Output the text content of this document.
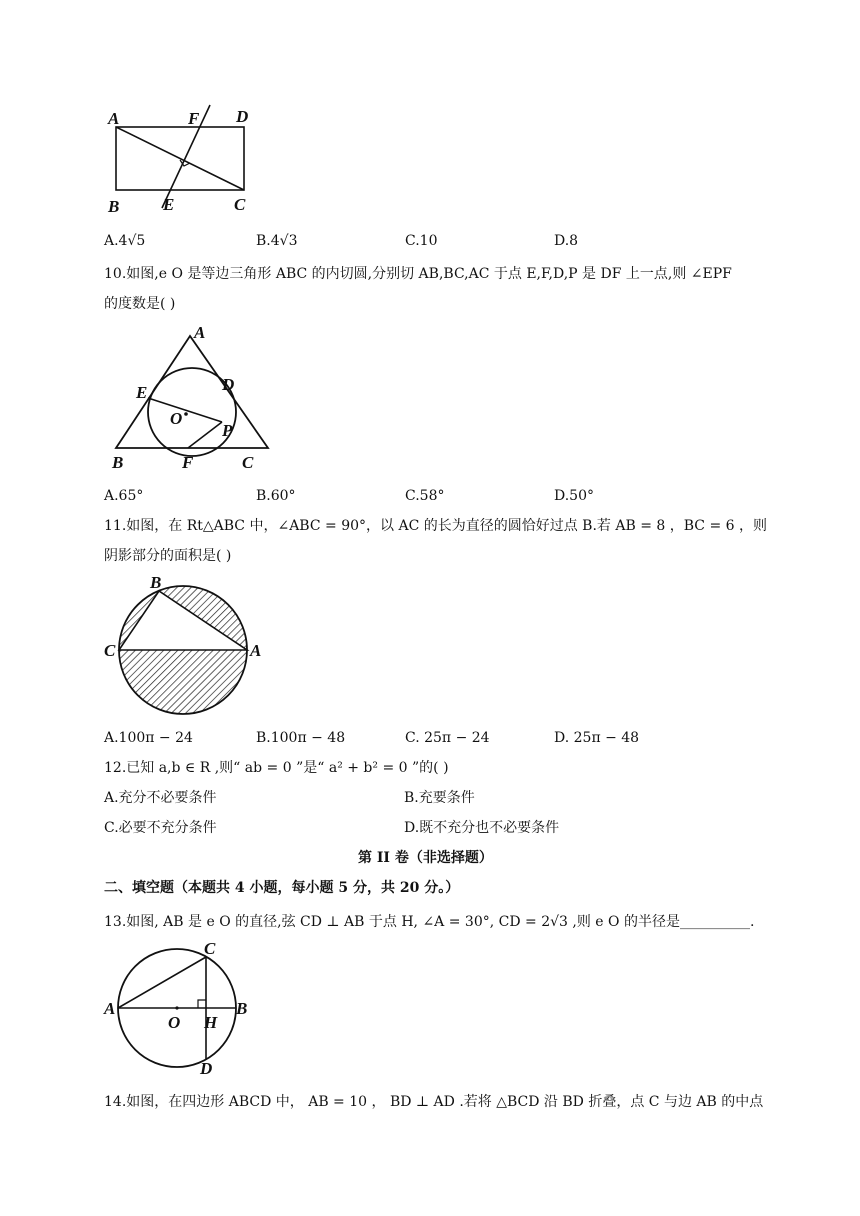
A	F D
B	E	C
A.4√5	B.4√3	C.10	D.8
10.如图,e O 是等边三角形 ABC 的内切圆,分别切 AB,BC,AC 于点 E,F,D,P 是 DF 上一点,则 ∠EPF
的度数是( )
A
E	D
O
P
B	F	C
A.65°	B.60°	C.58°	D.50°
11.如图，在 Rt△ABC 中，∠ABC = 90°，以 AC 的长为直径的圆恰好过点 B.若 AB = 8 ，BC = 6 ，则
阴影部分的面积是( )
B
C	A
A.100π − 24	B.100π − 48	C. 25π − 24	D. 25π − 48
12.已知 a,b ∈ R ,则“ ab = 0 ”是“ a² + b² = 0 ”的( )
A.充分不必要条件	B.充要条件
C.必要不充分条件	D.既不充分也不必要条件
第 II 卷（非选择题）
二、填空题（本题共 4 小题，每小题 5 分，共 20 分。）
13.如图, AB 是 e O 的直径,弦 CD ⊥ AB 于点 H, ∠A = 30°, CD = 2√3 ,则 e O 的半径是__________.
C
A
O H
B
D
14.如图，在四边形 ABCD 中， AB = 10 ， BD ⊥ AD .若将 △BCD 沿 BD 折叠，点 C 与边 AB 的中点
